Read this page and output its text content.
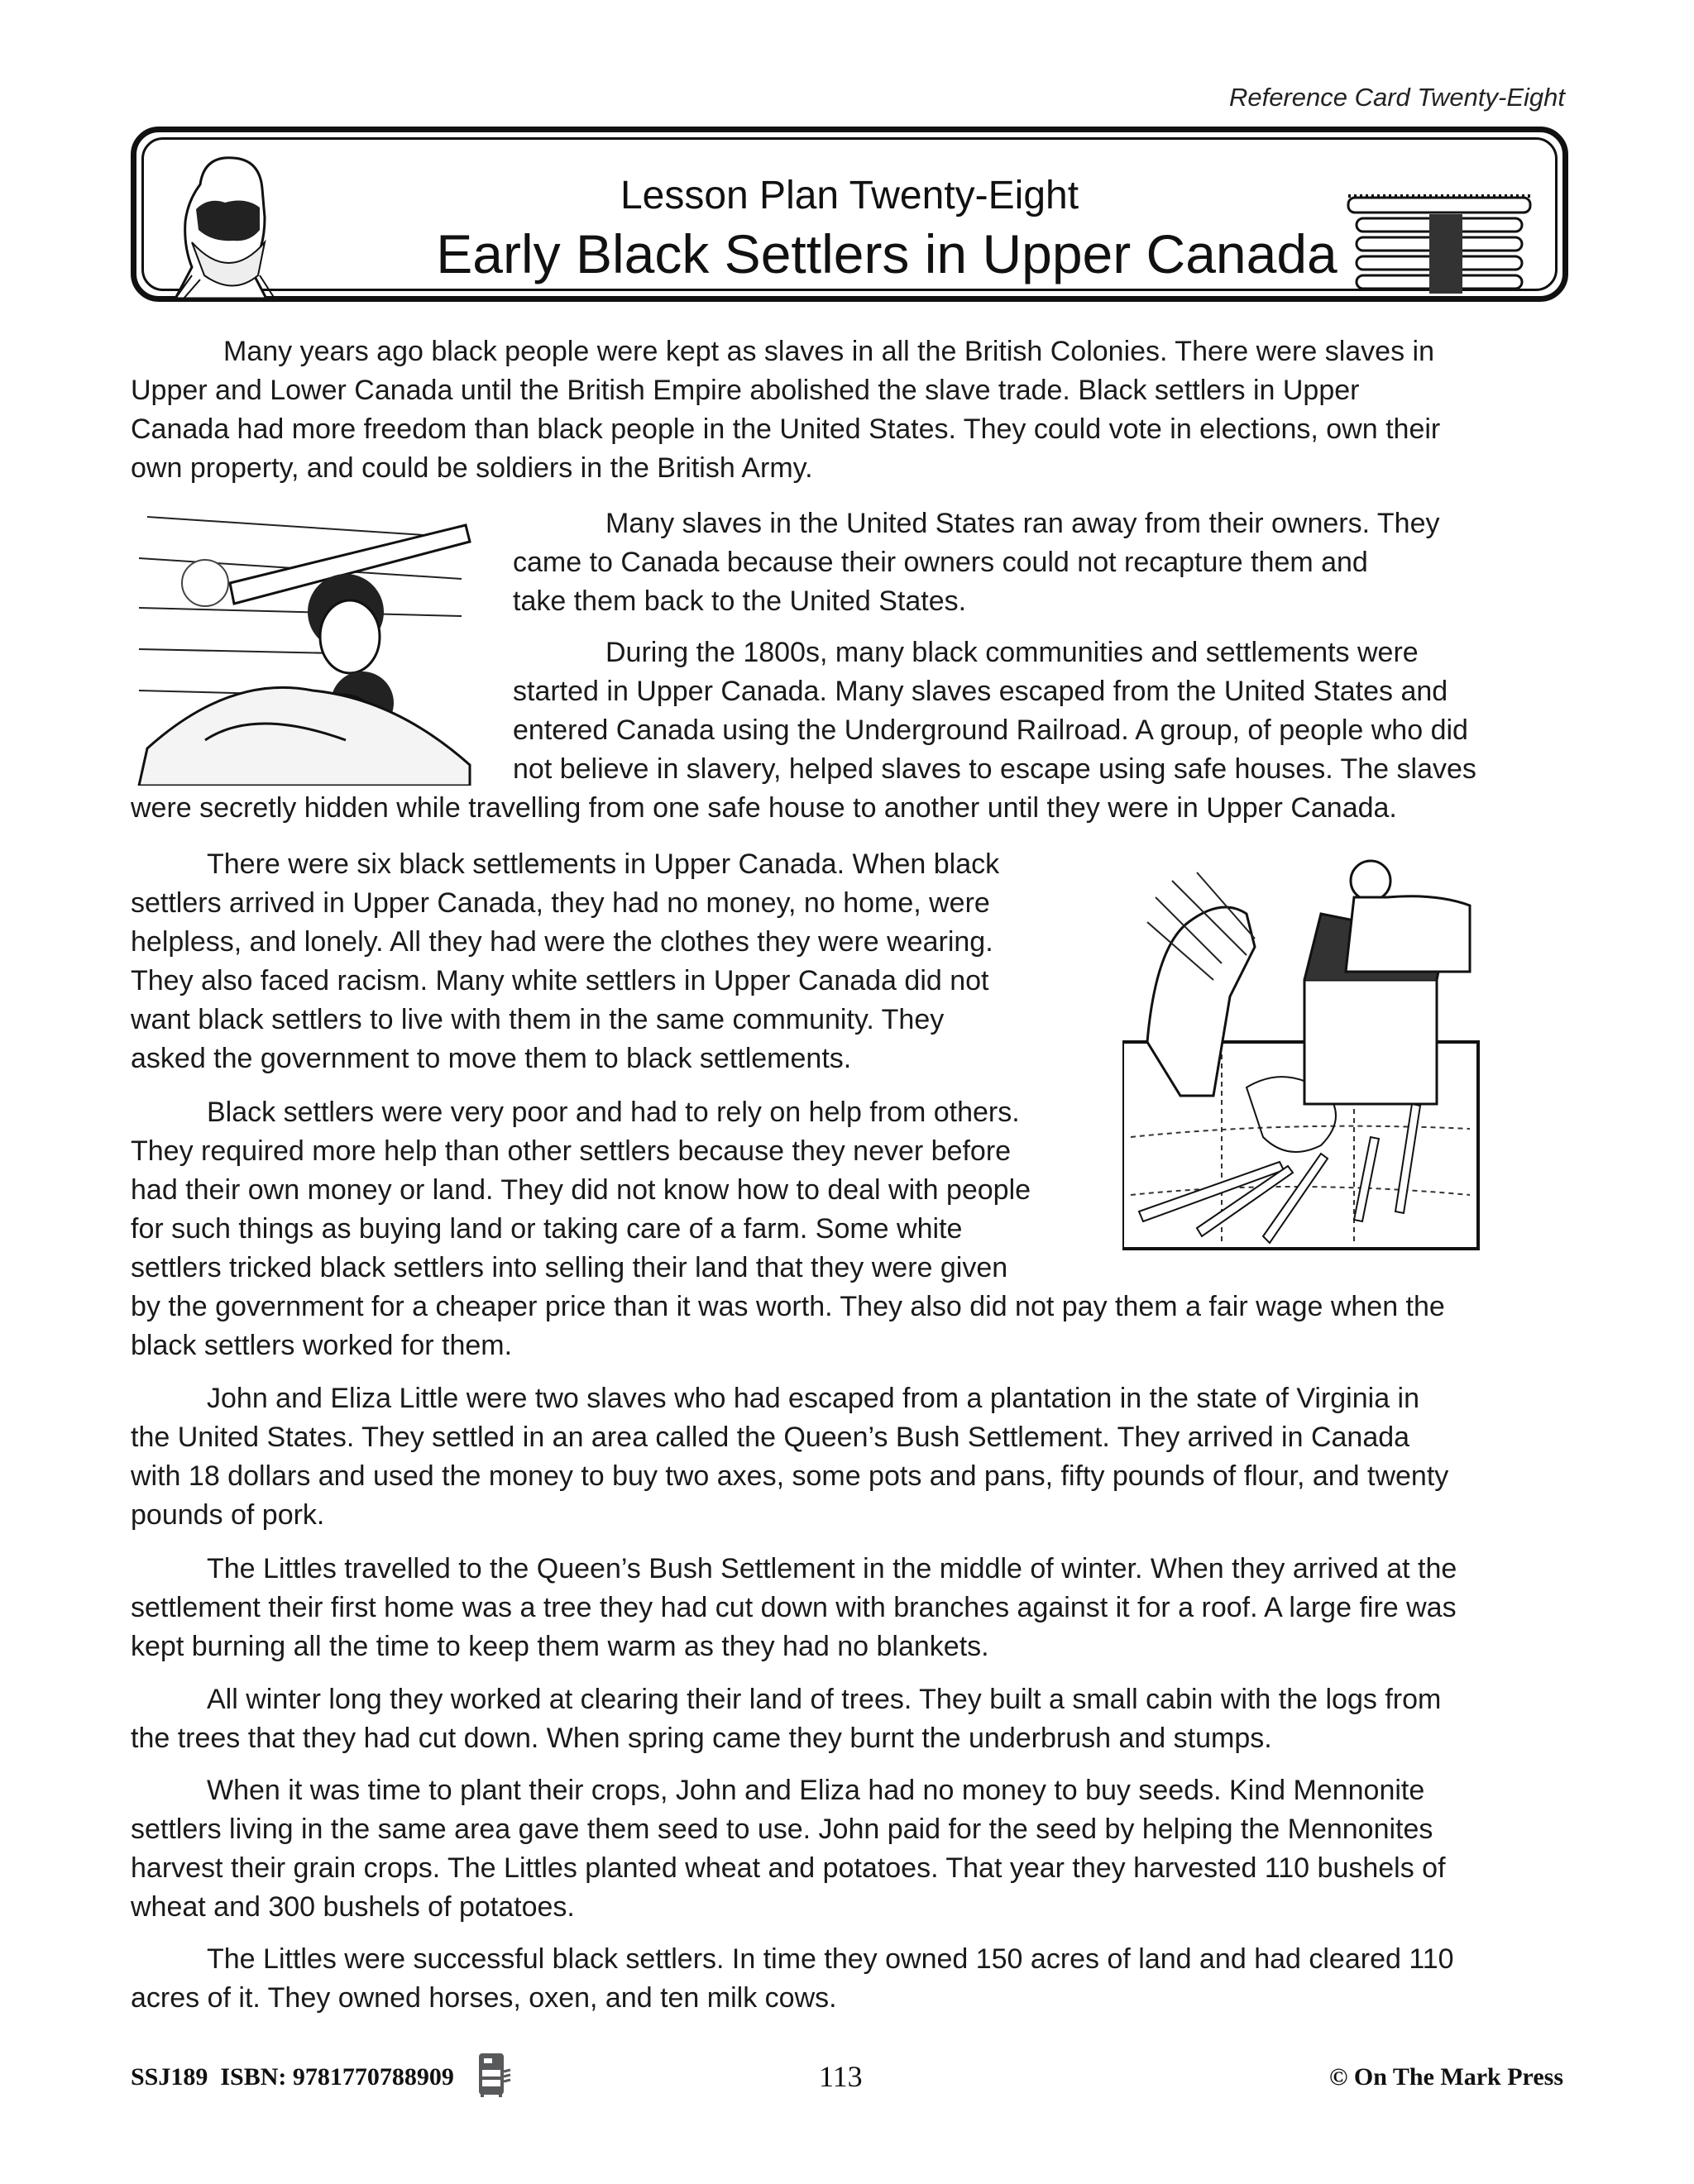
Reference Card Twenty-Eight
Lesson Plan Twenty-Eight
Early Black Settlers in Upper Canada
Many years ago black people were kept as slaves in all the British Colonies. There were slaves in
Upper and Lower Canada until the British Empire abolished the slave trade. Black settlers in Upper
Canada had more freedom than black people in the United States. They could vote in elections, own their
own property, and could be soldiers in the British Army.
Many slaves in the United States ran away from their owners. They
came to Canada because their owners could not recapture them and
take them back to the United States.
During the 1800s, many black communities and settlements were
started in Upper Canada. Many slaves escaped from the United States and
entered Canada using the Underground Railroad. A group, of people who did
not believe in slavery, helped slaves to escape using safe houses. The slaves
were secretly hidden while travelling from one safe house to another until they were in Upper Canada.
There were six black settlements in Upper Canada. When black
settlers arrived in Upper Canada, they had no money, no home, were
helpless, and lonely. All they had were the clothes they were wearing.
They also faced racism. Many white settlers in Upper Canada did not
want black settlers to live with them in the same community. They
asked the government to move them to black settlements.
Black settlers were very poor and had to rely on help from others.
They required more help than other settlers because they never before
had their own money or land. They did not know how to deal with people
for such things as buying land or taking care of a farm. Some white
settlers tricked black settlers into selling their land that they were given
by the government for a cheaper price than it was worth. They also did not pay them a fair wage when the
black settlers worked for them.
John and Eliza Little were two slaves who had escaped from a plantation in the state of Virginia in
the United States. They settled in an area called the Queen’s Bush Settlement. They arrived in Canada
with 18 dollars and used the money to buy two axes, some pots and pans, fifty pounds of flour, and twenty
pounds of pork.
The Littles travelled to the Queen’s Bush Settlement in the middle of winter. When they arrived at the
settlement their first home was a tree they had cut down with branches against it for a roof. A large fire was
kept burning all the time to keep them warm as they had no blankets.
All winter long they worked at clearing their land of trees. They built a small cabin with the logs from
the trees that they had cut down. When spring came they burnt the underbrush and stumps.
When it was time to plant their crops, John and Eliza had no money to buy seeds. Kind Mennonite
settlers living in the same area gave them seed to use. John paid for the seed by helping the Mennonites
harvest their grain crops. The Littles planted wheat and potatoes. That year they harvested 110 bushels of
wheat and 300 bushels of potatoes.
The Littles were successful black settlers. In time they owned 150 acres of land and had cleared 110
acres of it. They owned horses, oxen, and ten milk cows.
SSJ189 ISBN: 9781770788909	113	© On The Mark Press
